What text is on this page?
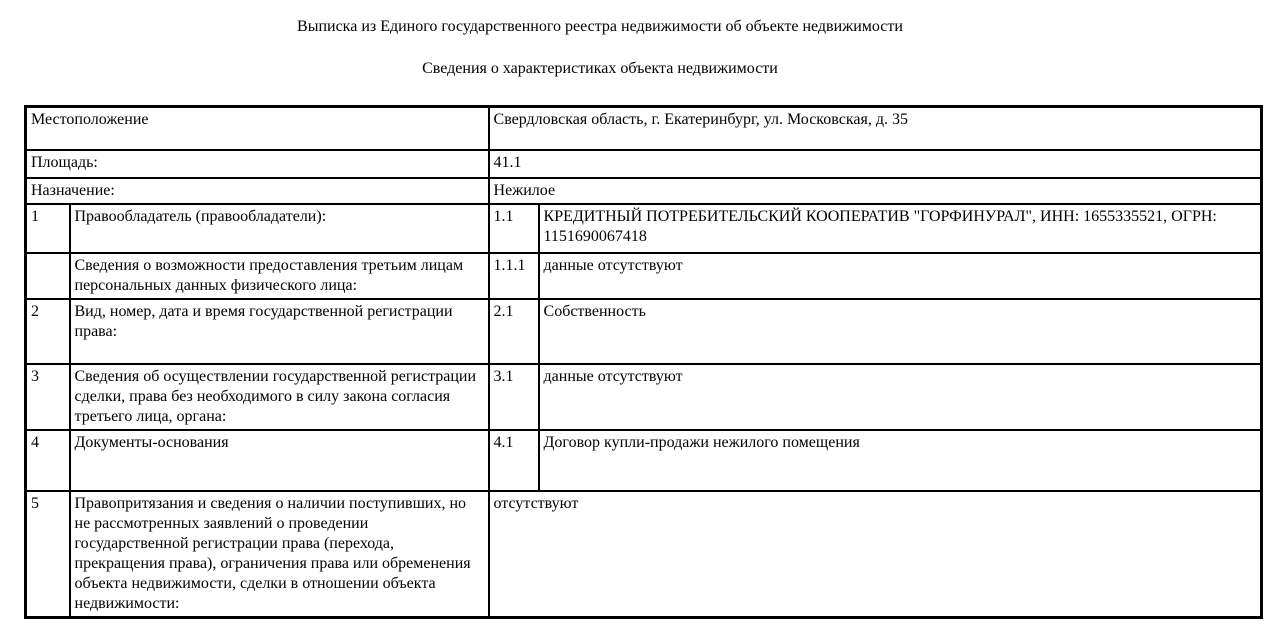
Выписка из Единого государственного реестра недвижимости об объекте недвижимости
Сведения о характеристиках объекта недвижимости
Местоположение		Свердловская область, г. Екатеринбург, ул. Московская, д. 35	
Площадь:		41.1	
Назначение:		Нежилое	
1	Правообладатель (правообладатели):	1.1	КРЕДИТНЫЙ ПОТРЕБИТЕЛЬСКИЙ КООПЕРАТИВ "ГОРФИНУРАЛ", ИНН: 1655335521, ОГРН: 1151690067418
	Сведения о возможности предоставления третьим лицам персональных данных физического лица:	1.1.1	данные отсутствуют
2	Вид, номер, дата и время государственной регистрации права:	2.1	Собственность
3	Сведения об осуществлении государственной регистрации сделки, права без необходимого в силу закона согласия третьего лица, органа:	3.1	данные отсутствуют
4	Документы-основания	4.1	Договор купли-продажи нежилого помещения
5	Правопритязания и сведения о наличии поступивших, но не рассмотренных заявлений о проведении государственной регистрации права (перехода, прекращения права), ограничения права или обременения объекта недвижимости, сделки в отношении объекта недвижимости:	отсутствуют	
